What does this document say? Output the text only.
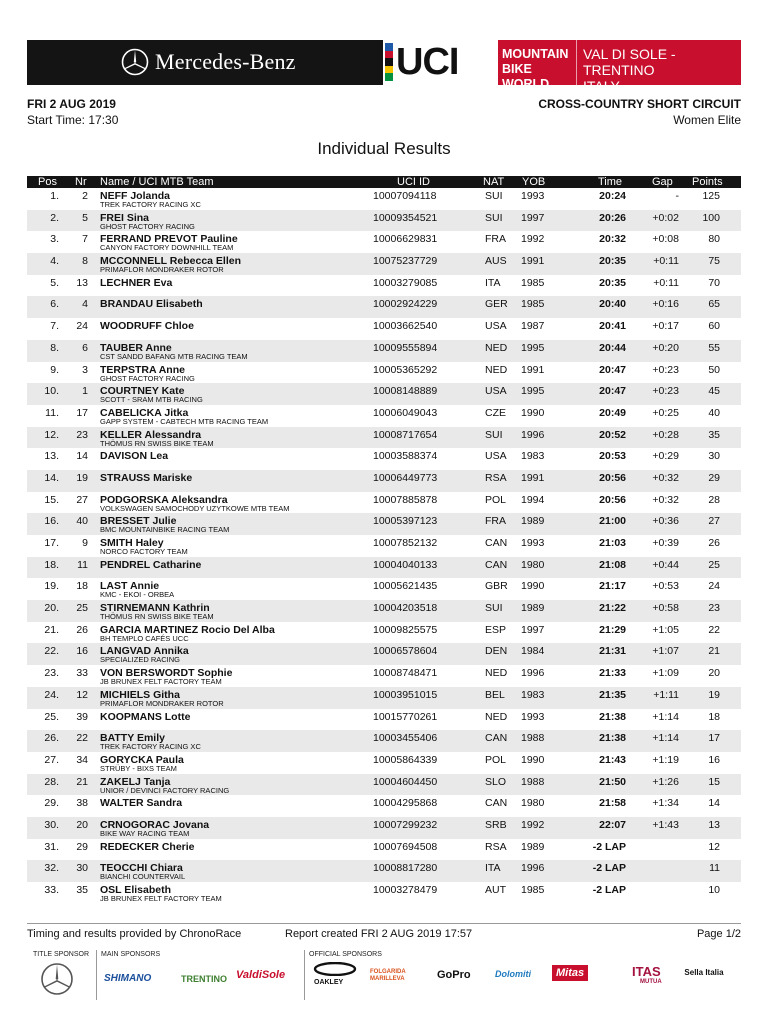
Mercedes-Benz	UCI	MOUNTAIN BIKE
WORLD CUP
VAL DI SOLE - TRENTINO
ITALY
FRI 2 AUG 2019
Start Time: 17:30
CROSS-COUNTRY SHORT CIRCUIT
Women Elite
Individual Results
Pos Nr Name / UCI MTB Team	UCI ID	NAT YOB	Time	Gap Points
1. 2 NEFF Jolanda
TREK FACTORY RACING XC
10007094118	SUI 1993	20:24	- 125
2. 5 FREI Sina
GHOST FACTORY RACING
10009354521	SUI 1997	20:26	+0:02 100
3. 7 FERRAND PREVOT Pauline
CANYON FACTORY DOWNHILL TEAM
10006629831	FRA 1992	20:32	+0:08	80
4. 8 MCCONNELL Rebecca Ellen
PRIMAFLOR MONDRAKER ROTOR
10075237729	AUS 1991	20:35	+0:11	75
5. 13 LECHNER Eva	10003279085	ITA 1985	20:35	+0:11	70
6. 4 BRANDAU Elisabeth	10002924229	GER 1985	20:40	+0:16	65
7. 24 WOODRUFF Chloe	10003662540	USA 1987	20:41	+0:17	60
8. 6 TAUBER Anne
CST SANDD BAFANG MTB RACING TEAM
10009555894	NED 1995	20:44	+0:20	55
9. 3 TERPSTRA Anne
GHOST FACTORY RACING
10005365292	NED 1991	20:47	+0:23	50
10. 1 COURTNEY Kate
SCOTT - SRAM MTB RACING
10008148889	USA 1995	20:47	+0:23	45
11. 17 CABELICKA Jitka
GAPP SYSTEM - CABTECH MTB RACING TEAM
10006049043	CZE 1990	20:49	+0:25	40
12. 23 KELLER Alessandra
THÖMUS RN SWISS BIKE TEAM
10008717654	SUI 1996	20:52	+0:28	35
13. 14 DAVISON Lea	10003588374	USA 1983	20:53	+0:29	30
14. 19 STRAUSS Mariske	10006449773	RSA 1991	20:56	+0:32	29
15. 27 PODGORSKA Aleksandra
VOLKSWAGEN SAMOCHODY UZYTKOWE MTB TEAM
10007885878	POL 1994	20:56	+0:32	28
16. 40 BRESSET Julie
BMC MOUNTAINBIKE RACING TEAM
10005397123	FRA 1989	21:00	+0:36	27
17. 9 SMITH Haley
NORCO FACTORY TEAM
10007852132	CAN 1993	21:03	+0:39	26
18. 11 PENDREL Catharine	10004040133	CAN 1980	21:08	+0:44	25
19. 18 LAST Annie
KMC - EKOI - ORBEA
10005621435	GBR 1990	21:17	+0:53	24
20. 25 STIRNEMANN Kathrin
THÖMUS RN SWISS BIKE TEAM
10004203518	SUI 1989	21:22	+0:58	23
21. 26 GARCIA MARTINEZ Rocio Del Alba
BH TEMPLO CAFÉS UCC
10009825575	ESP 1997	21:29	+1:05	22
22. 16 LANGVAD Annika
SPECIALIZED RACING
10006578604	DEN 1984	21:31	+1:07	21
23. 33 VON BERSWORDT Sophie
JB BRUNEX FELT FACTORY TEAM
10008748471	NED 1996	21:33	+1:09	20
24. 12 MICHIELS Githa
PRIMAFLOR MONDRAKER ROTOR
10003951015	BEL 1983	21:35	+1:11	19
25. 39 KOOPMANS Lotte	10015770261	NED 1993	21:38	+1:14	18
26. 22 BATTY Emily
TREK FACTORY RACING XC
10003455406	CAN 1988	21:38	+1:14	17
27. 34 GORYCKA Paula
STRÜBY - BIXS TEAM
10005864339	POL 1990	21:43	+1:19	16
28. 21 ZAKELJ Tanja
UNIOR / DEVINCI FACTORY RACING
10004604450	SLO 1988	21:50	+1:26	15
29. 38 WALTER Sandra	10004295868	CAN 1980	21:58	+1:34	14
30. 20 CRNOGORAC Jovana
BIKE WAY RACING TEAM
10007299232	SRB 1992	22:07	+1:43	13
31. 29 REDECKER Cherie	10007694508	RSA 1989	-2 LAP	12
32. 30 TEOCCHI Chiara
BIANCHI COUNTERVAIL
10008817280	ITA 1996	-2 LAP	11
33. 35 OSL Elisabeth
JB BRUNEX FELT FACTORY TEAM
10003278479	AUT 1985	-2 LAP	10
Timing and results provided by ChronoRace	Report created FRI 2 AUG 2019 17:57	Page 1/2
TITLE SPONSOR MAIN SPONSORS	OFFICIAL SPONSORS
SHIMANO	TRENTINO ValdiSole
OAKLEY
FOLGARIDA MARILLEVA	GoPro	Dolomiti	Mitas	ITAS
MUTUA
Sella Italia
